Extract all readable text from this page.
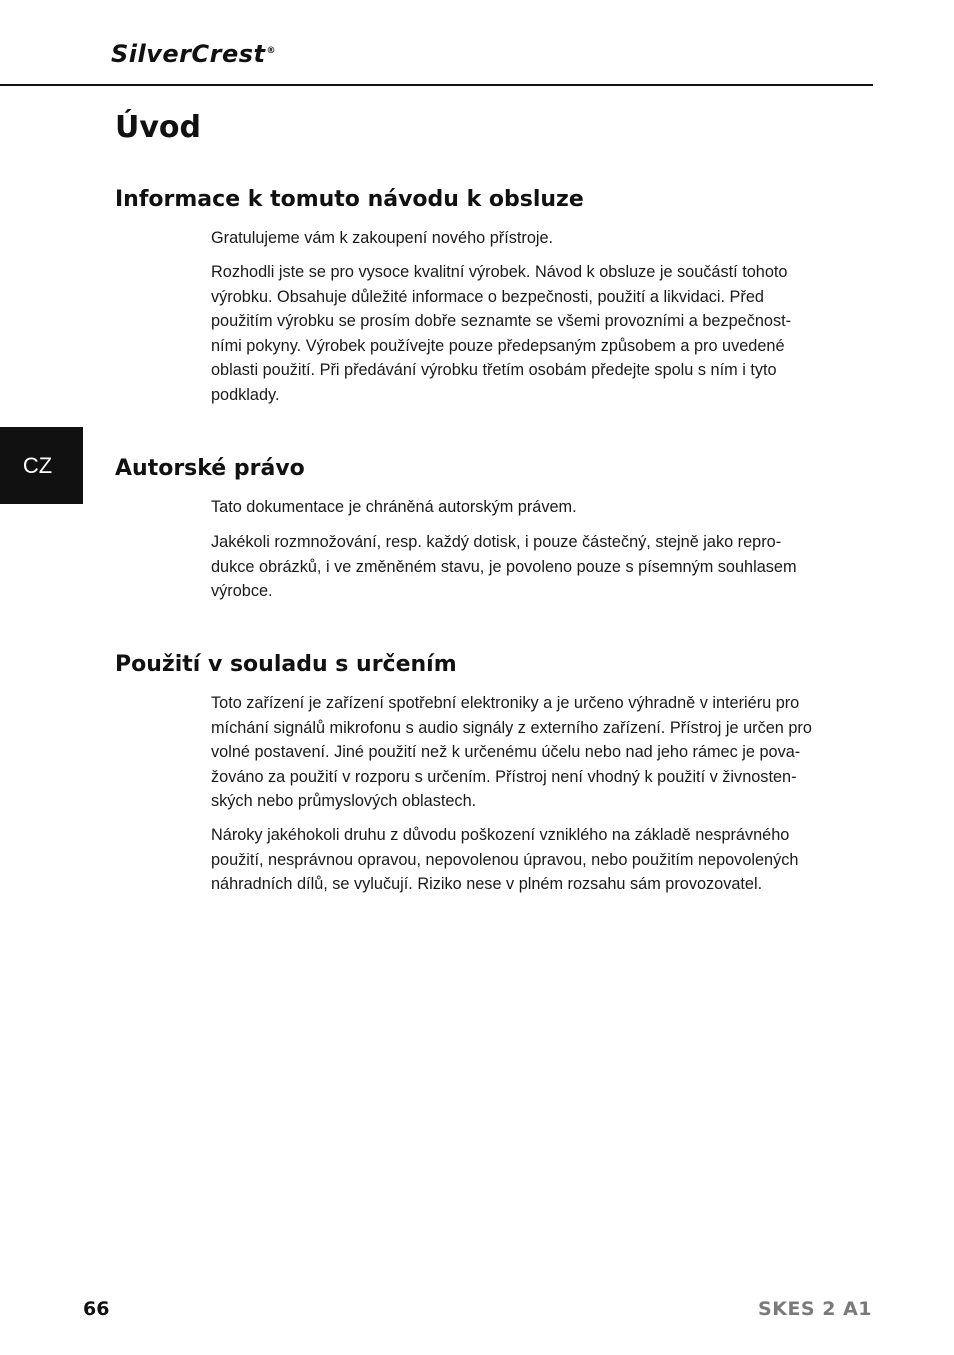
SilverCrest®
Úvod
CZ
Informace k tomuto návodu k obsluze

Gratulujeme vám k zakoupení nového přístroje.

Rozhodli jste se pro vysoce kvalitní výrobek. Návod k obsluze je součástí tohoto
výrobku. Obsahuje důležité informace o bezpečnosti, použití a likvidaci. Před
použitím výrobku se prosím dobře seznamte se všemi provozními a bezpečnost-
ními pokyny. Výrobek používejte pouze předepsaným způsobem a pro uvedené
oblasti použití. Při předávání výrobku třetím osobám předejte spolu s ním i tyto
podklady.

Autorské právo

Tato dokumentace je chráněná autorským právem.

Jakékoli rozmnožování, resp. každý dotisk, i pouze částečný, stejně jako repro-
dukce obrázků, i ve změněném stavu, je povoleno pouze s písemným souhlasem
výrobce.

Použití v souladu s určením

Toto zařízení je zařízení spotřební elektroniky a je určeno výhradně v interiéru pro
míchání signálů mikrofonu s audio signály z externího zařízení. Přístroj je určen pro
volné postavení. Jiné použití než k určenému účelu nebo nad jeho rámec je pova-
žováno za použití v rozporu s určením. Přístroj není vhodný k použití v živnosten-
ských nebo průmyslových oblastech.

Nároky jakéhokoli druhu z důvodu poškození vzniklého na základě nesprávného
použití, nesprávnou opravou, nepovolenou úpravou, nebo použitím nepovolených
náhradních dílů, se vylučují. Riziko nese v plném rozsahu sám provozovatel.

66	SKES 2 A1
